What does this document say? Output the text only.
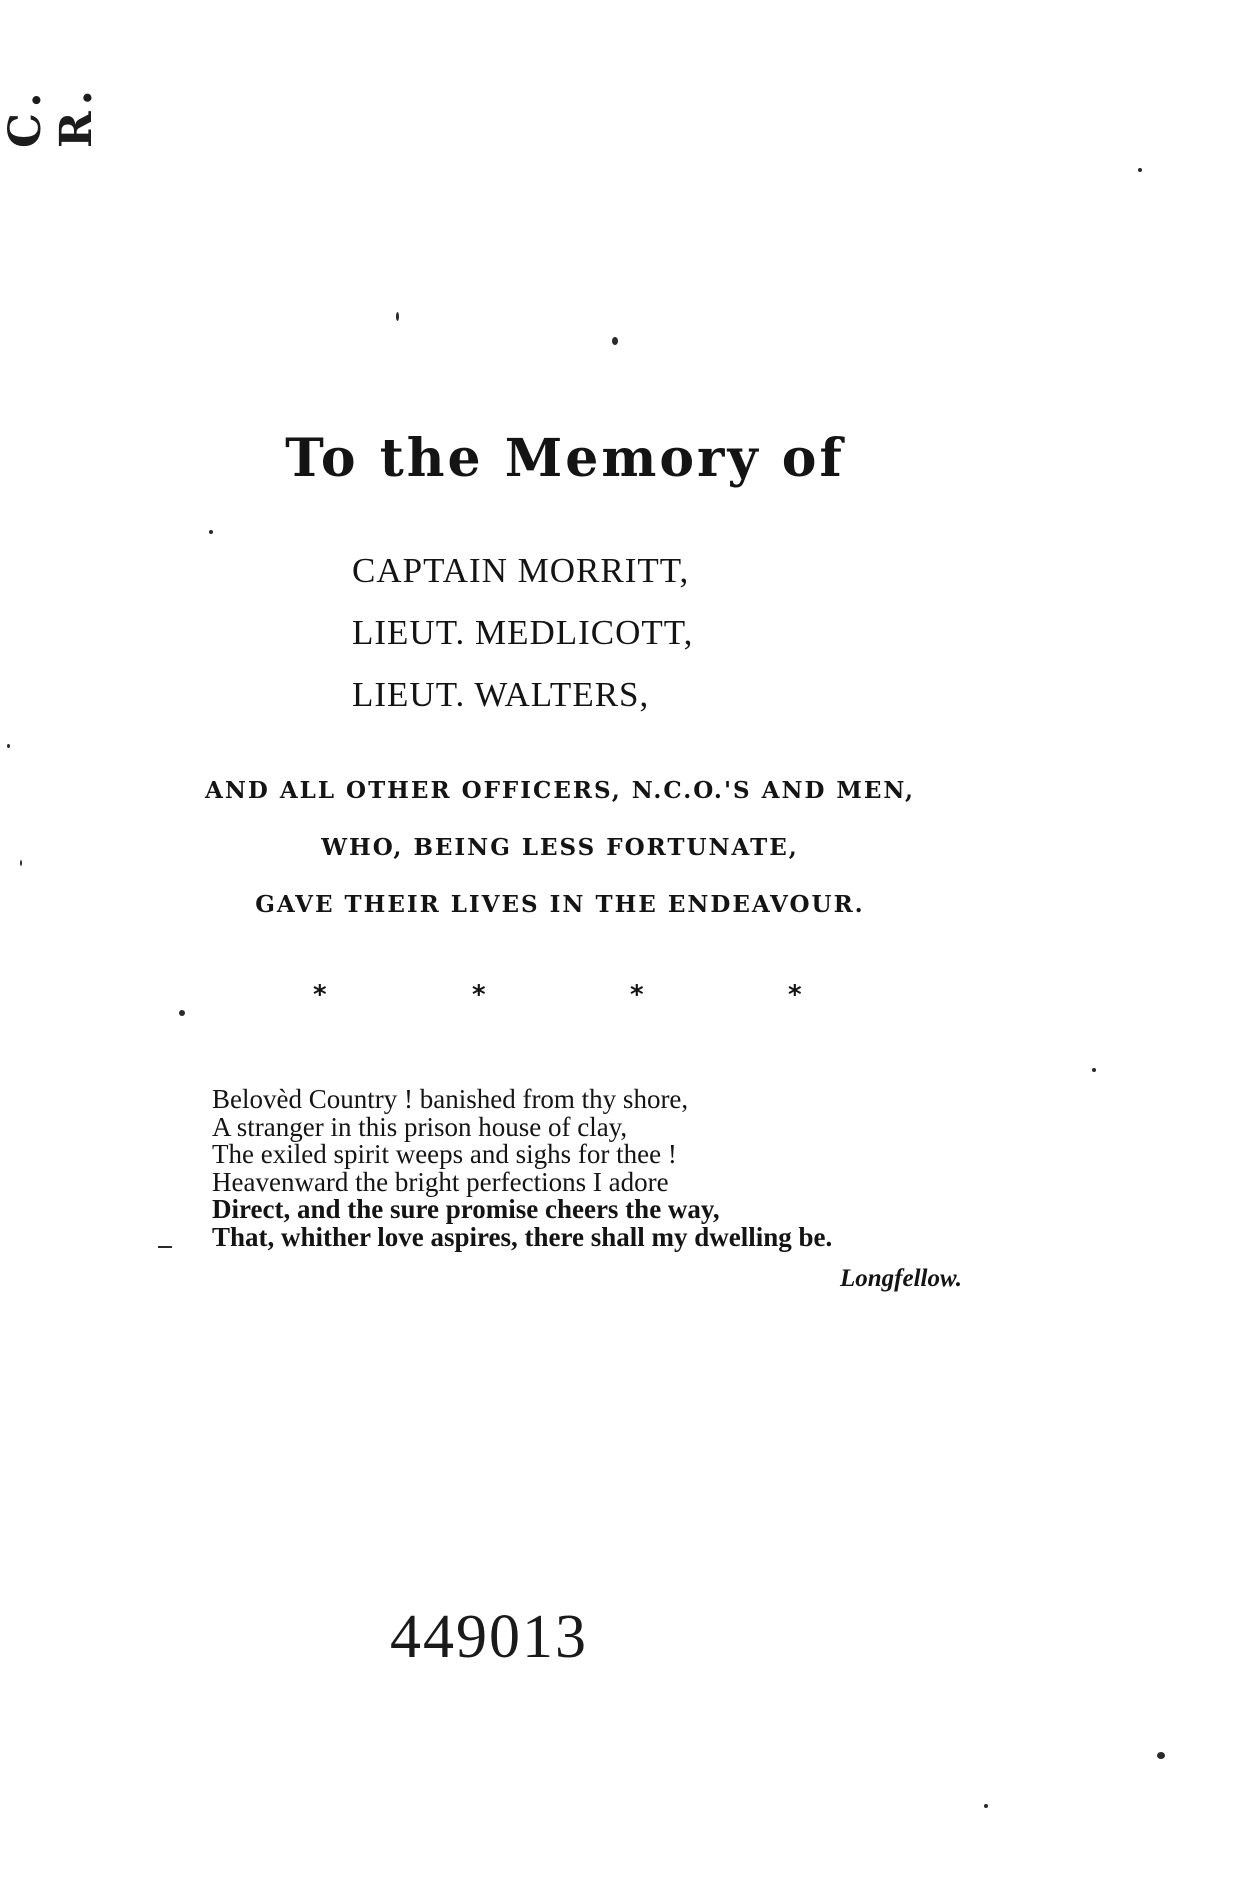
C. R.
To the Memory of
CAPTAIN MORRITT,
LIEUT. MEDLICOTT,
LIEUT. WALTERS,
AND ALL OTHER OFFICERS, N.C.O.'S AND MEN,
WHO, BEING LESS FORTUNATE,
GAVE THEIR LIVES IN THE ENDEAVOUR.
*	*	*	*
Belovèd Country ! banished from thy shore,
A stranger in this prison house of clay,
The exiled spirit weeps and sighs for thee !
Heavenward the bright perfections I adore
Direct, and the sure promise cheers the way,
That, whither love aspires, there shall my dwelling be.
Longfellow.
449013
